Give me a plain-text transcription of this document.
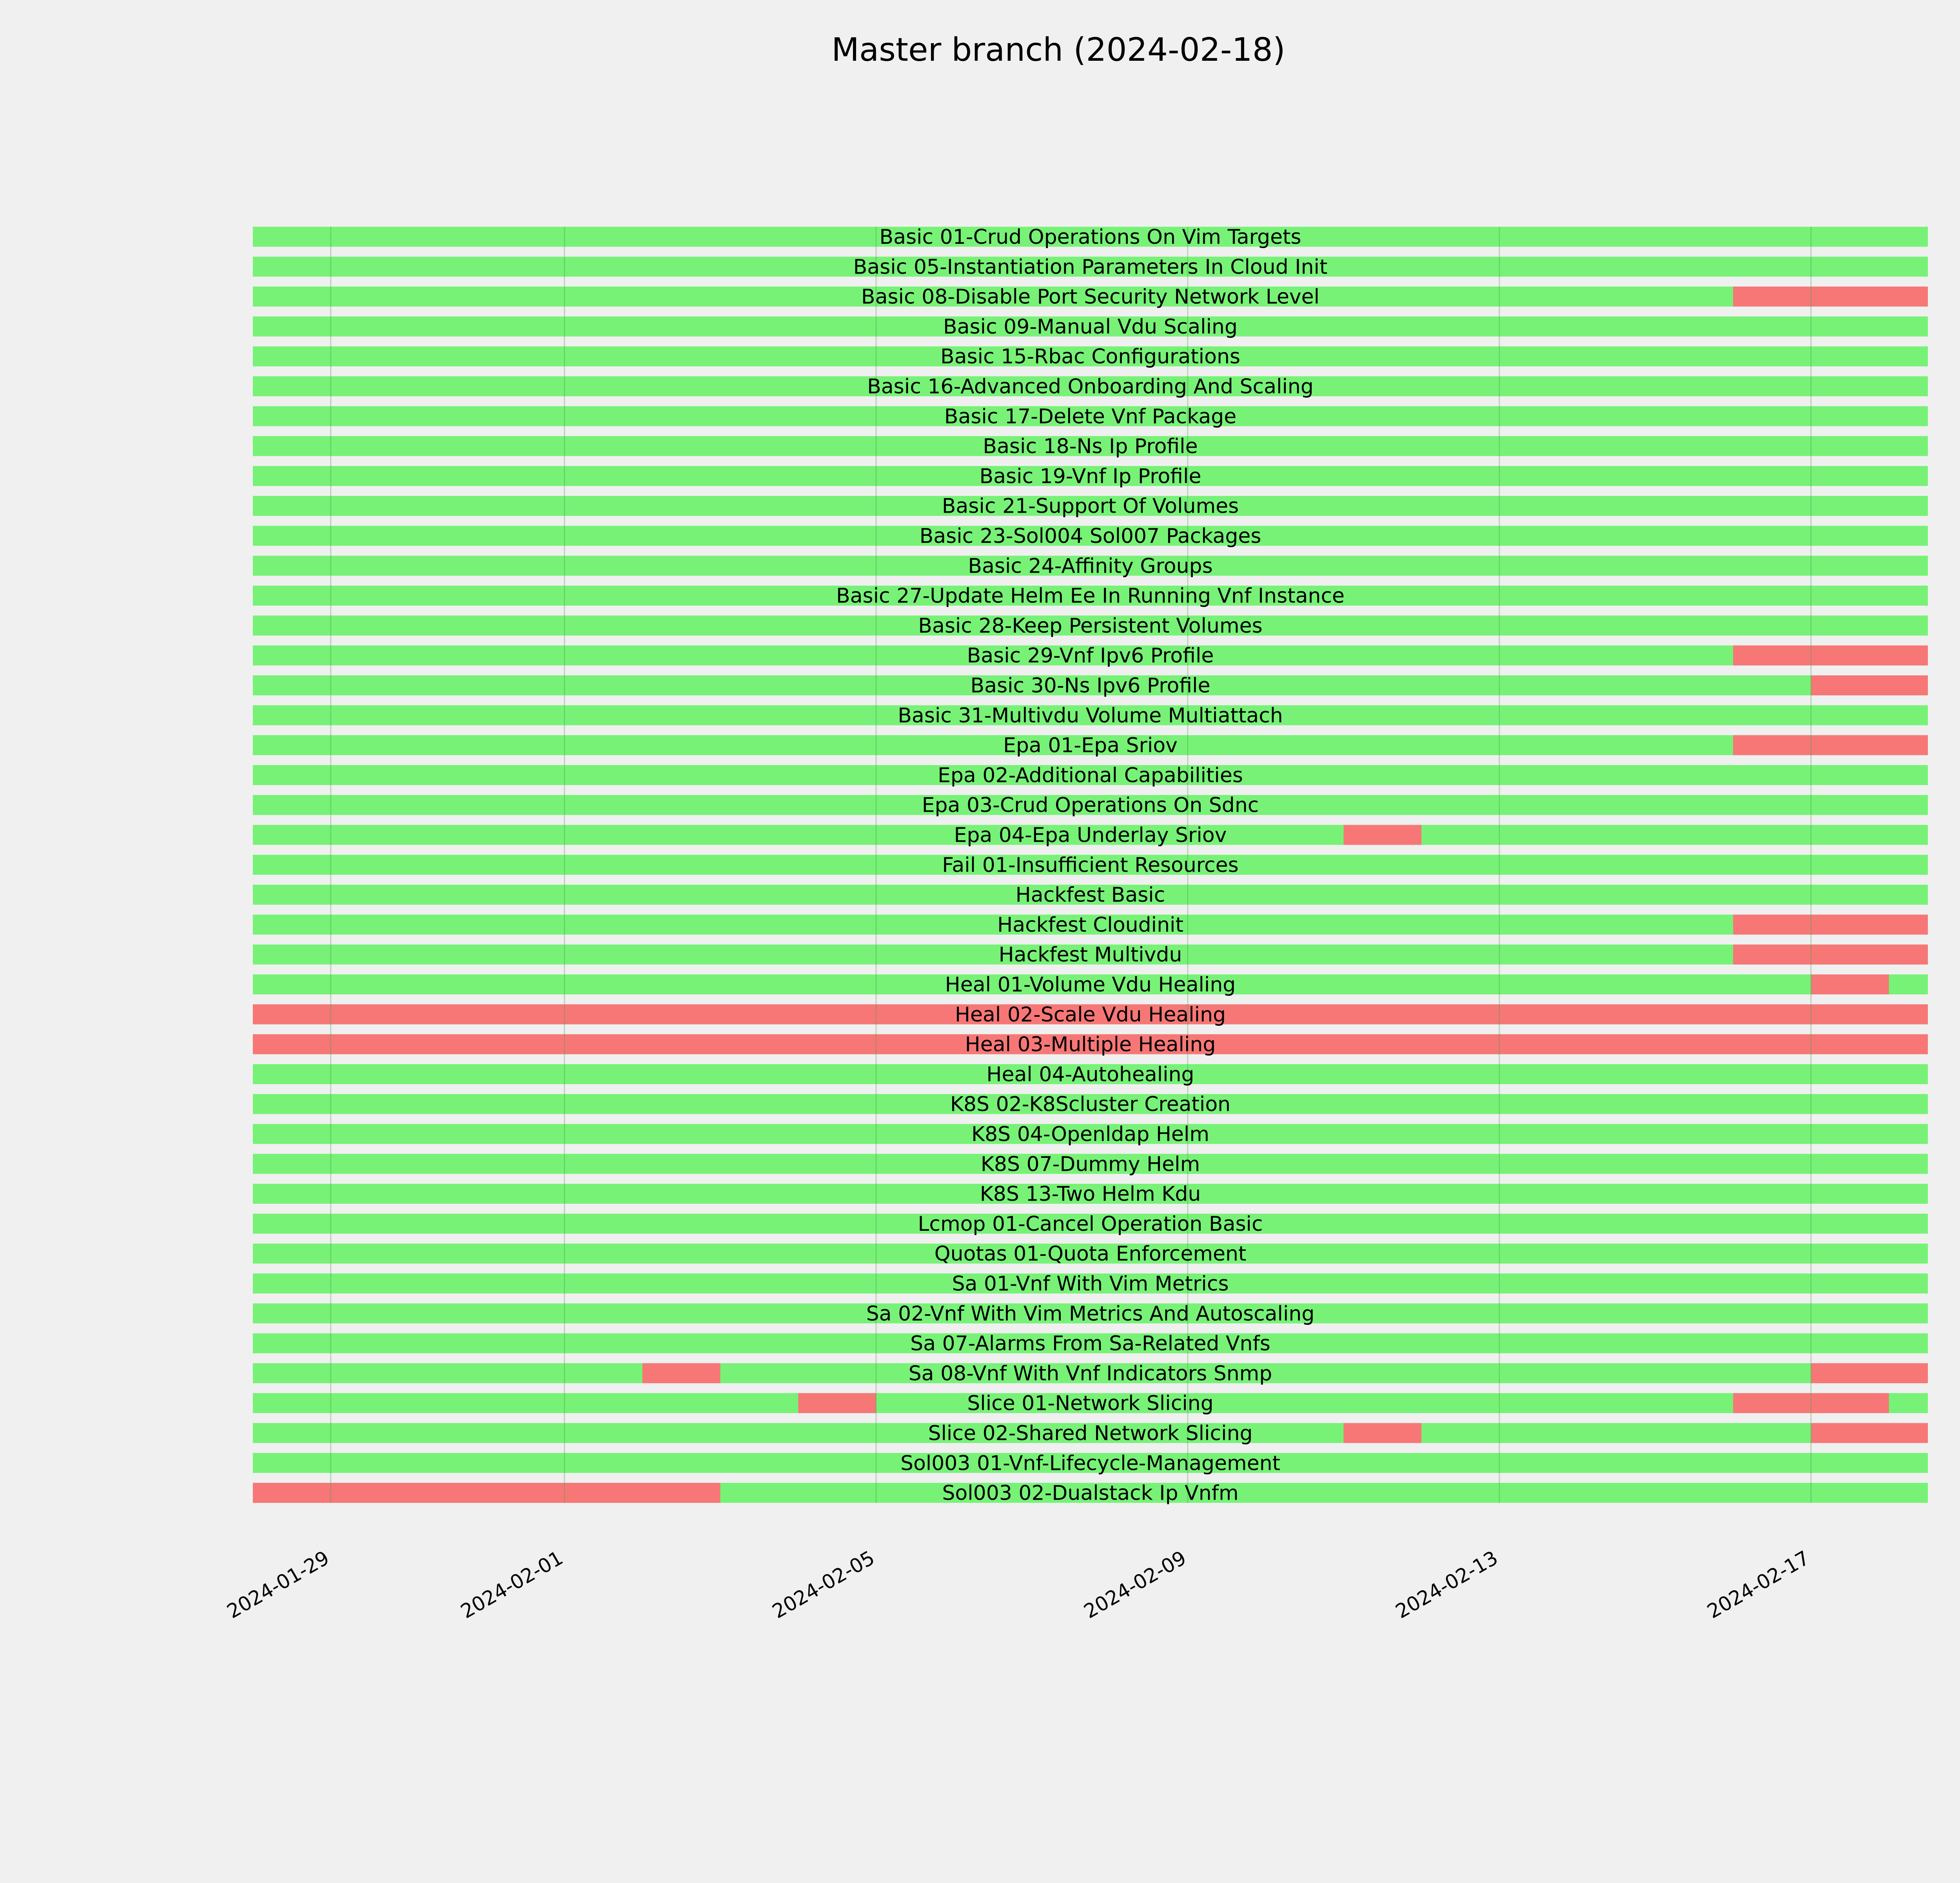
Master branch (2024-02-18)
Basic 01-Crud Operations On Vim Targets
Basic 05-Instantiation Parameters In Cloud Init
Basic 08-Disable Port Security Network Level
Basic 09-Manual Vdu Scaling
Basic 15-Rbac Configurations
Basic 16-Advanced Onboarding And Scaling
Basic 17-Delete Vnf Package
Basic 18-Ns Ip Profile
Basic 19-Vnf Ip Profile
Basic 21-Support Of Volumes
Basic 23-Sol004 Sol007 Packages
Basic 24-Affinity Groups
Basic 27-Update Helm Ee In Running Vnf Instance
Basic 28-Keep Persistent Volumes
Basic 29-Vnf Ipv6 Profile
Basic 30-Ns Ipv6 Profile
Basic 31-Multivdu Volume Multiattach
Epa 01-Epa Sriov
Epa 02-Additional Capabilities
Epa 03-Crud Operations On Sdnc
Epa 04-Epa Underlay Sriov
Fail 01-Insufficient Resources
Hackfest Basic
Hackfest Cloudinit
Hackfest Multivdu
Heal 01-Volume Vdu Healing
Heal 02-Scale Vdu Healing
Heal 03-Multiple Healing
Heal 04-Autohealing
K8S 02-K8Scluster Creation
K8S 04-Openldap Helm
K8S 07-Dummy Helm
K8S 13-Two Helm Kdu
Lcmop 01-Cancel Operation Basic
Quotas 01-Quota Enforcement
Sa 01-Vnf With Vim Metrics
Sa 02-Vnf With Vim Metrics And Autoscaling
Sa 07-Alarms From Sa-Related Vnfs
Sa 08-Vnf With Vnf Indicators Snmp
Slice 01-Network Slicing
Slice 02-Shared Network Slicing
Sol003 01-Vnf-Lifecycle-Management
Sol003 02-Dualstack Ip Vnfm
2024-01-29	2024-02-01	2024-02-05	2024-02-09	2024-02-13	2024-02-17
